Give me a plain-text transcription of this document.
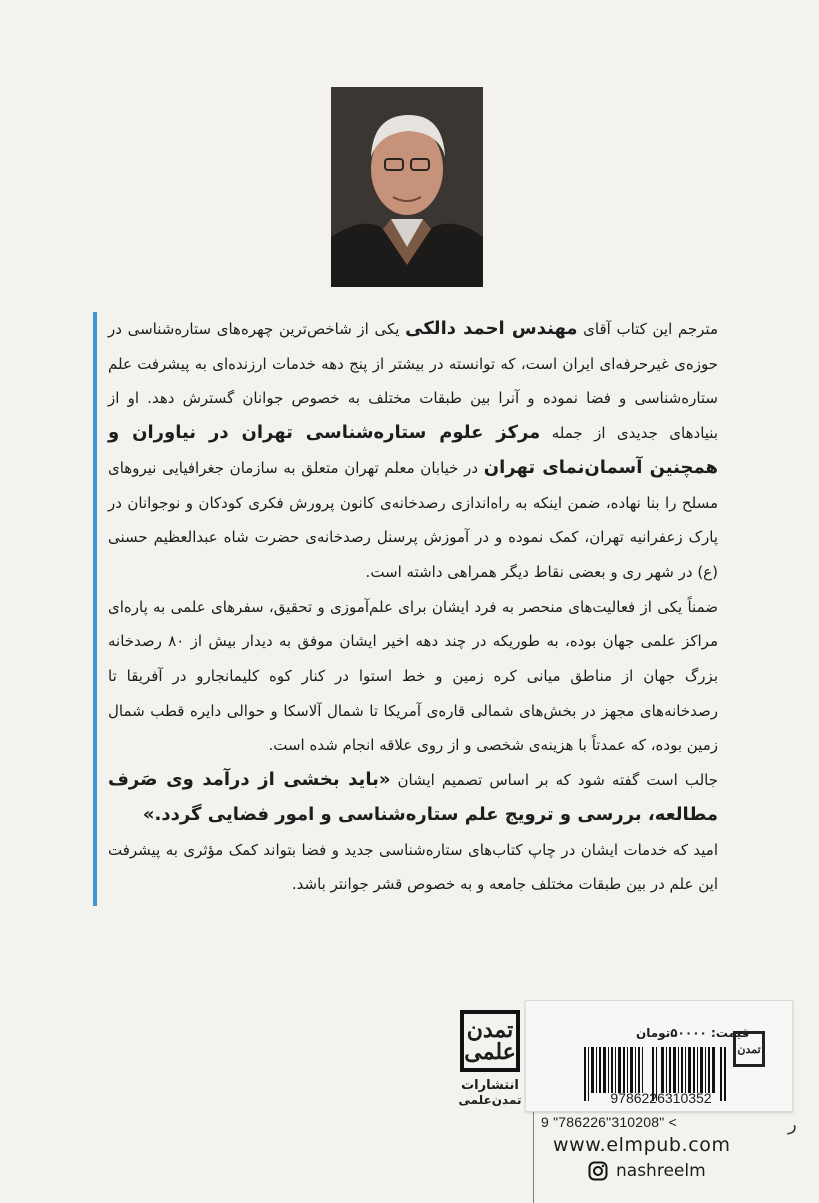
مترجم این کتاب آقای مهندس احمد دالکی یکی از شاخص‌ترین چهره‌های ستاره‌شناسی در حوزه‌ی غیرحرفه‌ای ایران است، که توانسته در بیشتر از پنج دهه خدمات ارزنده‌ای به پیشرفت علم ستاره‌شناسی و فضا نموده و آنرا بین طبقات مختلف به خصوص جوانان گسترش دهد. او از بنیادهای جدیدی از جمله مرکز علوم ستاره‌شناسی تهران در نیاوران و همچنین آسمان‌نمای تهران در خیابان معلم تهران متعلق به سازمان جغرافیایی نیروهای مسلح را بنا نهاده، ضمن اینکه به راه‌اندازی رصدخانه‌ی کانون پرورش فکری کودکان و نوجوانان در پارک زعفرانیه تهران، کمک نموده و در آموزش پرسنل رصدخانه‌ی حضرت شاه عبدالعظیم حسنی (ع) در شهر ری و بعضی نقاط دیگر همراهی داشته است.

ضمناً یکی از فعالیت‌های منحصر به فرد ایشان برای علم‌آموزی و تحقیق، سفرهای علمی به پاره‌ای مراکز علمی جهان بوده، به طوریکه در چند دهه اخیر ایشان موفق به دیدار بیش از ۸۰ رصدخانه بزرگ جهان از مناطق میانی کره زمین و خط استوا در کنار کوه کلیمانجارو در آفریقا تا رصدخانه‌های مجهز در بخش‌های شمالی قاره‌ی آمریکا تا شمال آلاسکا و حوالی دایره قطب شمال زمین بوده، که عمدتاً با هزینه‌ی شخصی و از روی علاقه انجام شده است.

جالب است گفته شود که بر اساس تصمیم ایشان «باید بخشی از درآمد وی صَرف مطالعه، بررسی و ترویج علم ستاره‌شناسی و امور فضایی گردد.»

امید که خدمات ایشان در چاپ کتاب‌های ستاره‌شناسی جدید و فضا بتواند کمک مؤثری به پیشرفت این علم در بین طبقات مختلف جامعه و به خصوص قشر جوانتر باشد.

تمدن علمی
انتشارات
تمدن‌علمی
قیمت: ۵۰۰۰۰تومان
تمدن
9786226310352
9 "786226"310208" <	ر
www.elmpub.com
nashreelm
